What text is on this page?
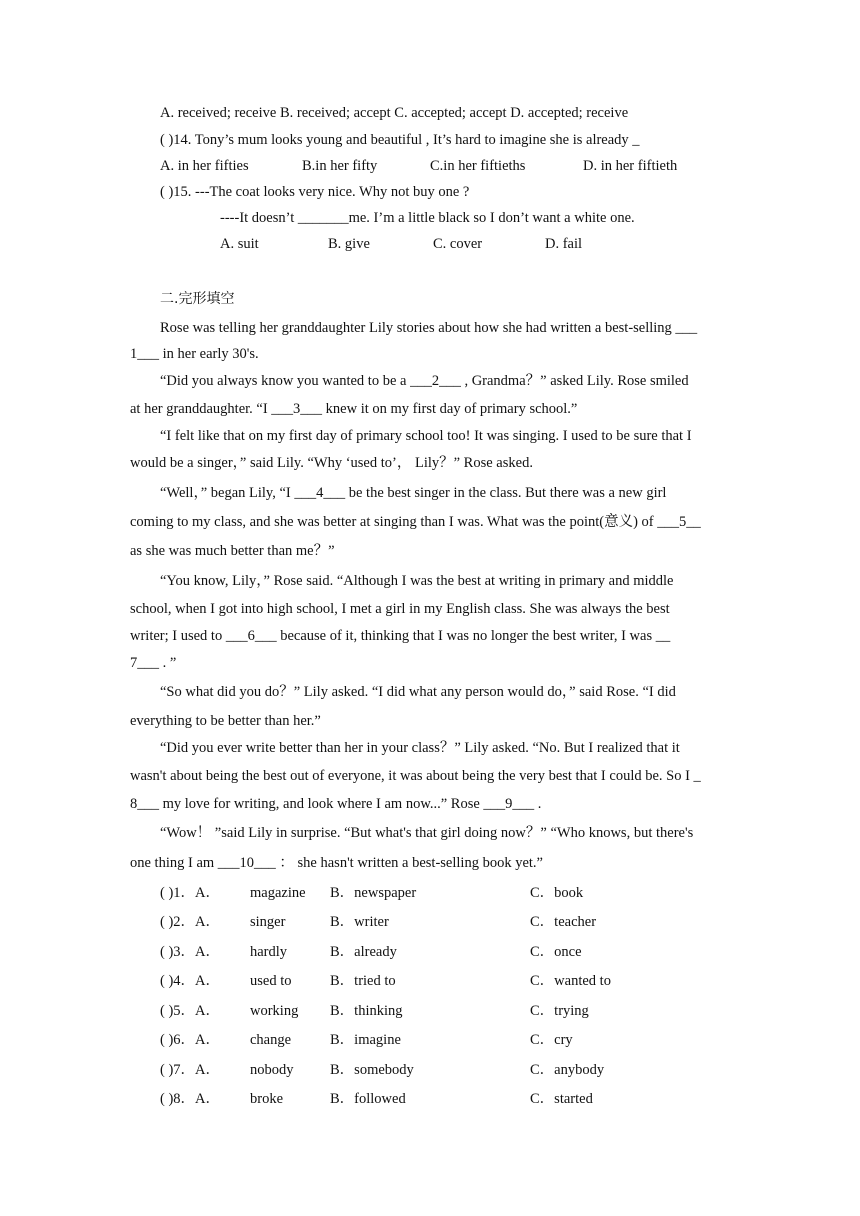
A. received; receive B. received; accept C. accepted; accept D. accepted; receive
( )14. Tony’s mum looks young and beautiful , It’s hard to imagine she is already _
A. in her fifties	B.in her fifty	C.in her fiftieths	D. in her fiftieth
( )15. ---The coat looks very nice. Why not buy one ?
----It doesn’t _______me. I’m a little black so I don’t want a white one.
A. suit	B. give	C. cover	D. fail
二.完形填空
Rose was telling her granddaughter Lily stories about how she had written a best-selling ___
1___ in her early 30's.
“Did you always know you wanted to be a ___2___ , Grandma？” asked Lily. Rose smiled
at her granddaughter. “I ___3___ knew it on my first day of primary school.”
“I felt like that on my first day of primary school too! It was singing. I used to be sure that I
would be a singer，” said Lily. “Why ‘used to’， Lily？” Rose asked.
“Well，” began Lily, “I ___4___ be the best singer in the class. But there was a new girl
coming to my class, and she was better at singing than I was. What was the point(意义) of ___5__
as she was much better than me？”
“You know, Lily，” Rose said. “Although I was the best at writing in primary and middle
school, when I got into high school, I met a girl in my English class. She was always the best
writer; I used to ___6___ because of it, thinking that I was no longer the best writer, I was __
7___ . ”
“So what did you do？” Lily asked. “I did what any person would do，” said Rose. “I did
everything to be better than her.”
“Did you ever write better than her in your class？” Lily asked. “No. But I realized that it
wasn't about being the best out of everyone, it was about being the very best that I could be. So I _
8___ my love for writing, and look where I am now...” Rose ___9___ .
“Wow！ ”said Lily in surprise. “But what's that girl doing now？” “Who knows, but there's
one thing I am ___10___ ： she hasn't written a best-selling book yet.”
( )1．A． magazine B．newspaper	C．book
( )2．A． singer	B．writer	C．teacher
( )3．A． hardly	B．already	C．once
( )4．A． used to	B．tried to	C．wanted to
( )5．A． working B．thinking	C．trying
( )6．A． change	B．imagine	C．cry
( )7．A． nobody	B．somebody	C．anybody
( )8．A． broke	B．followed	C．started
